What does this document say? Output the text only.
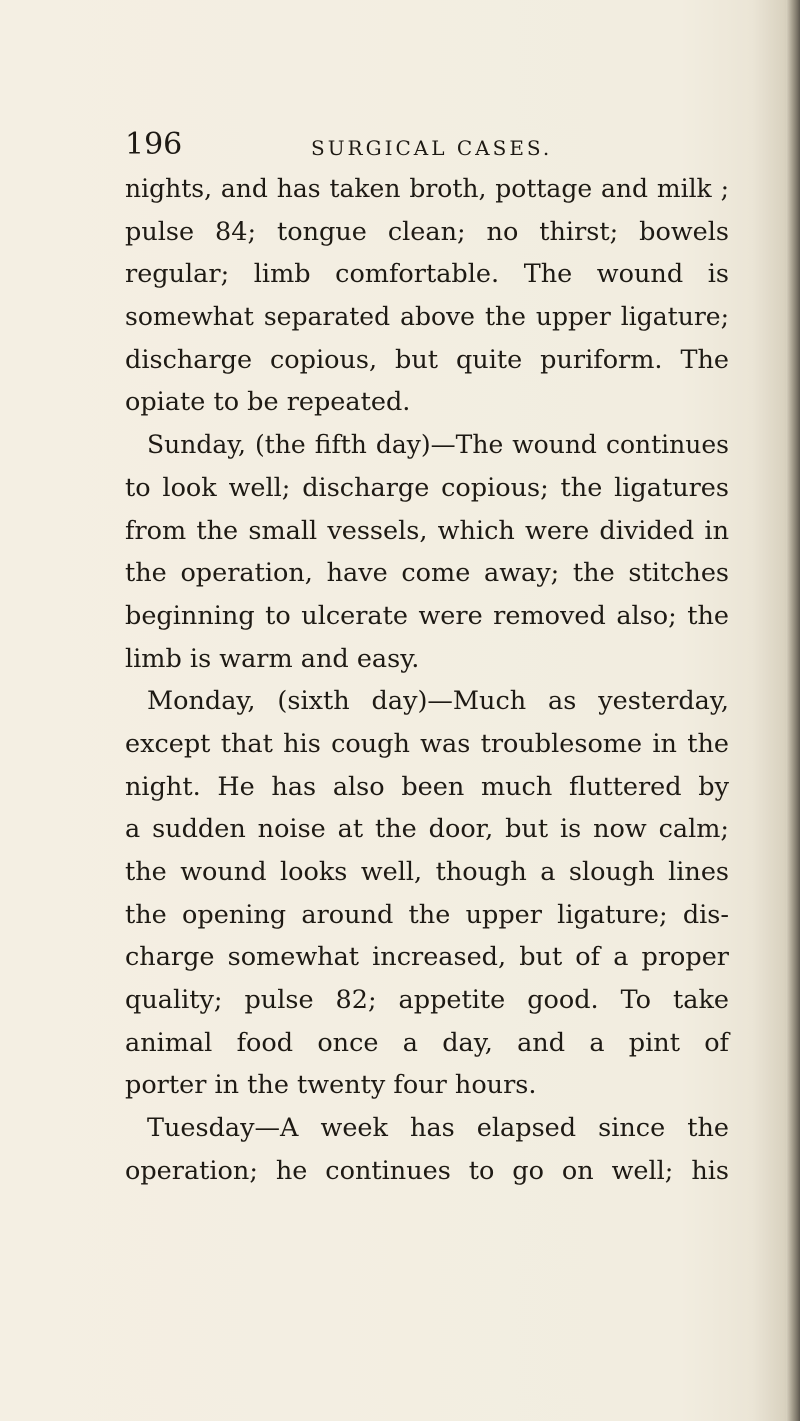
196	SURGICAL CASES.
nights, and has taken broth, pottage and milk ;
pulse 84; tongue clean; no thirst; bowels
regular; limb comfortable. The wound is
somewhat separated above the upper ligature;
discharge copious, but quite puriform. The
opiate to be repeated.
Sunday, (the fifth day)—The wound continues
to look well; discharge copious; the ligatures
from the small vessels, which were divided in
the operation, have come away; the stitches
beginning to ulcerate were removed also; the
limb is warm and easy.
Monday, (sixth day)—Much as yesterday,
except that his cough was troublesome in the
night. He has also been much fluttered by
a sudden noise at the door, but is now calm;
the wound looks well, though a slough lines
the opening around the upper ligature; dis-
charge somewhat increased, but of a proper
quality; pulse 82; appetite good. To take
animal food once a day, and a pint of
porter in the twenty four hours.
Tuesday—A week has elapsed since the
operation; he continues to go on well; his
